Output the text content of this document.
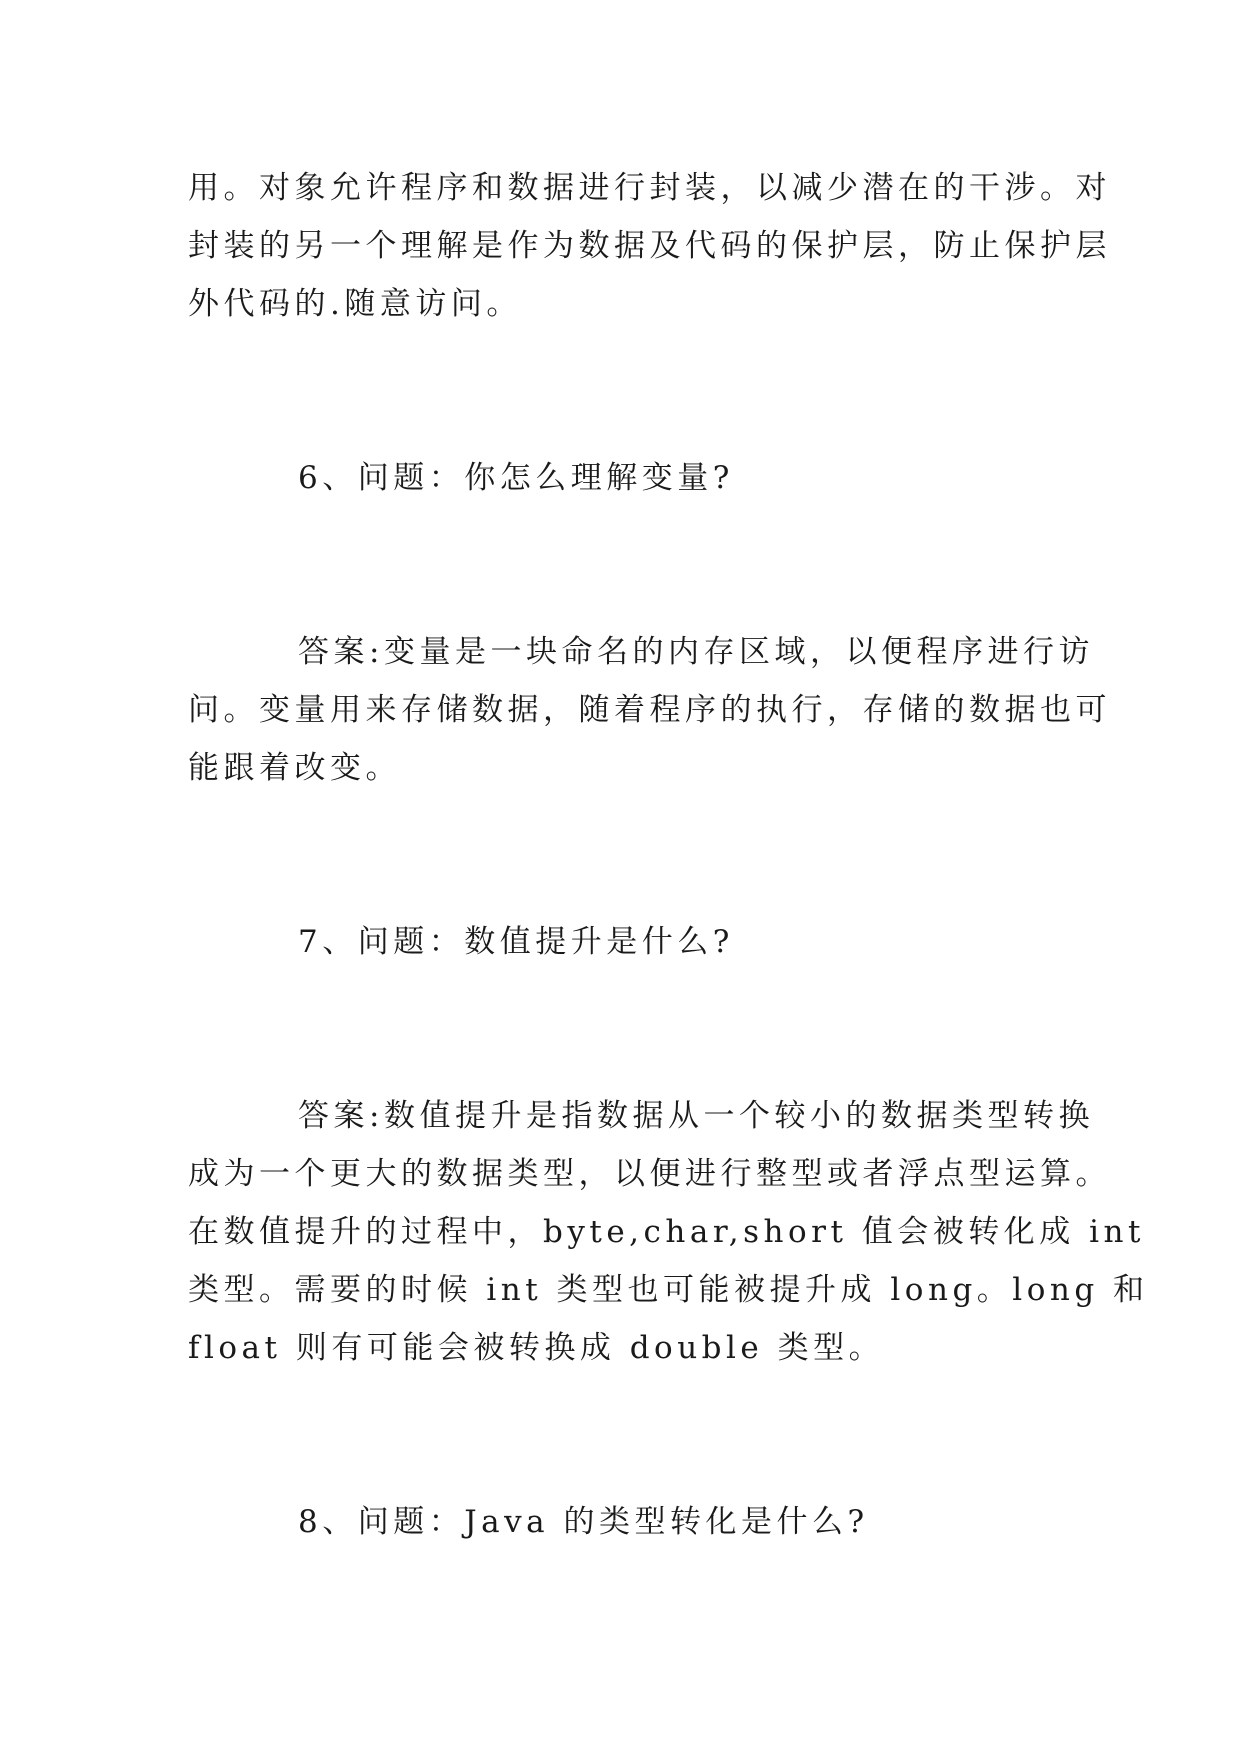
用。对象允许程序和数据进行封装，以减少潜在的干涉。对

封装的另一个理解是作为数据及代码的保护层，防止保护层

外代码的.随意访问。

6、问题：你怎么理解变量?

答案:变量是一块命名的内存区域，以便程序进行访

问。变量用来存储数据，随着程序的执行，存储的数据也可

能跟着改变。

7、问题：数值提升是什么?

答案:数值提升是指数据从一个较小的数据类型转换

成为一个更大的数据类型，以便进行整型或者浮点型运算。

在数值提升的过程中，byte,char,short 值会被转化成 int

类型。需要的时候 int 类型也可能被提升成 long。long 和

float 则有可能会被转换成 double 类型。

8、问题：Java 的类型转化是什么?
